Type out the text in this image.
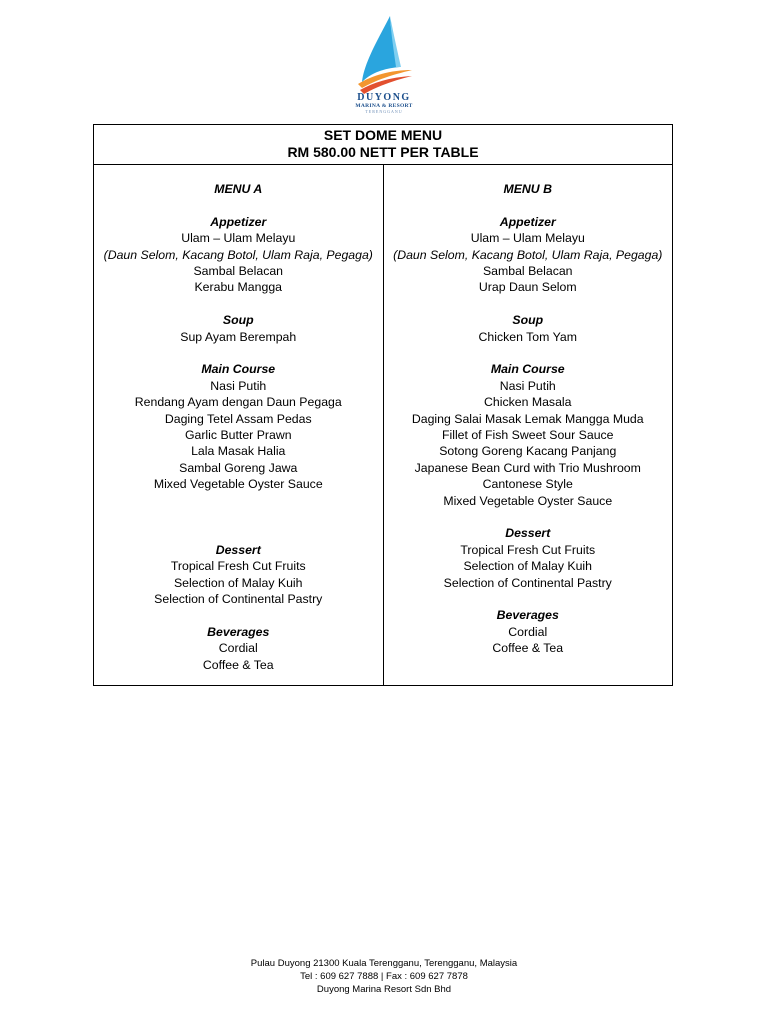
DUYONG
MARINA & RESORT
TERENGGANU
SET DOME MENU
RM 580.00 NETT PER TABLE
MENU A
Appetizer
Ulam – Ulam Melayu
(Daun Selom, Kacang Botol, Ulam Raja, Pegaga)
Sambal Belacan
Kerabu Mangga
Soup
Sup Ayam Berempah
Main Course
Nasi Putih
Rendang Ayam dengan Daun Pegaga
Daging Tetel Assam Pedas
Garlic Butter Prawn
Lala Masak Halia
Sambal Goreng Jawa
Mixed Vegetable Oyster Sauce

Dessert
Tropical Fresh Cut Fruits
Selection of Malay Kuih
Selection of Continental Pastry
Beverages
Cordial
Coffee & Tea
MENU B
Appetizer
Ulam – Ulam Melayu
(Daun Selom, Kacang Botol, Ulam Raja, Pegaga)
Sambal Belacan
Urap Daun Selom
Soup
Chicken Tom Yam
Main Course
Nasi Putih
Chicken Masala
Daging Salai Masak Lemak Mangga Muda
Fillet of Fish Sweet Sour Sauce
Sotong Goreng Kacang Panjang
Japanese Bean Curd with Trio Mushroom
Cantonese Style
Mixed Vegetable Oyster Sauce
Dessert
Tropical Fresh Cut Fruits
Selection of Malay Kuih
Selection of Continental Pastry
Beverages
Cordial
Coffee & Tea
Pulau Duyong 21300 Kuala Terengganu, Terengganu, Malaysia
Tel : 609 627 7888 | Fax : 609 627 7878
Duyong Marina Resort Sdn Bhd
